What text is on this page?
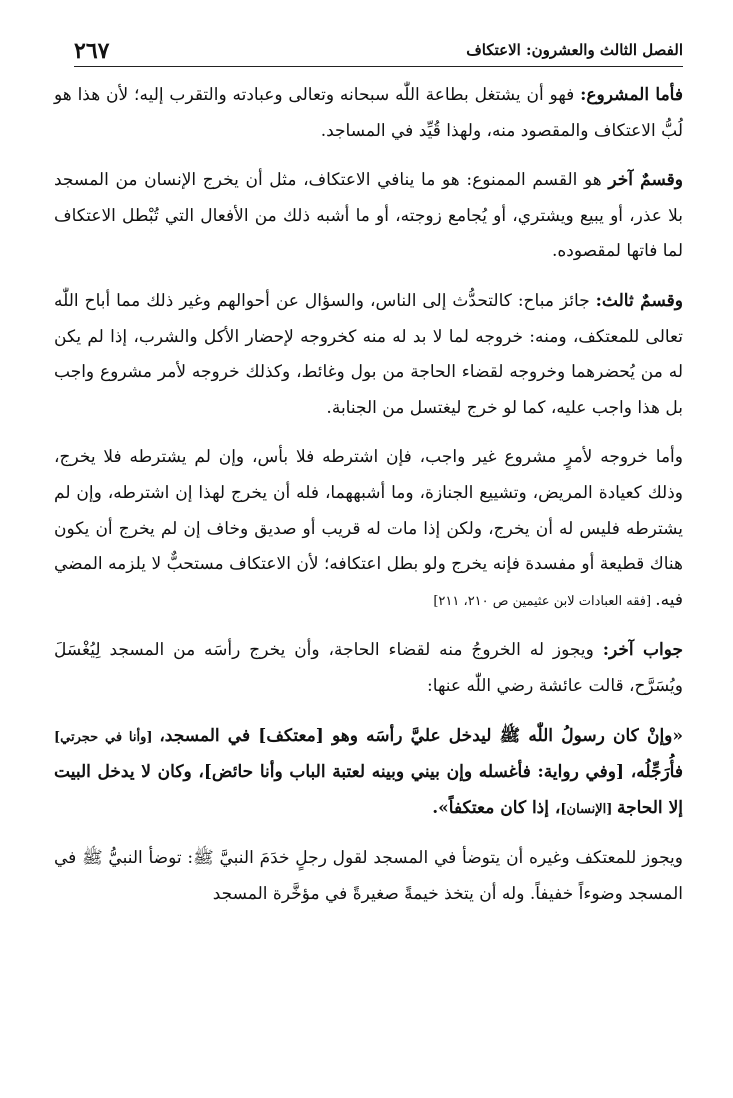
٢٦٧	الفصل الثالث والعشرون: الاعتكاف

فأما المشروع: فهو أن يشتغل بطاعة اللّٰه سبحانه وتعالى وعبادته والتقرب إليه؛ لأن هذا هو لُبُّ الاعتكاف والمقصود منه، ولهذا قُيِّد في المساجد.

وقسمٌ آخر هو القسم الممنوع: هو ما ينافي الاعتكاف، مثل أن يخرج الإنسان من المسجد بلا عذر، أو يبيع ويشتري، أو يُجامع زوجته، أو ما أشبه ذلك من الأفعال التي تُبْطل الاعتكاف لما فاتها لمقصوده.

وقسمٌ ثالث: جائز مباح: كالتحدُّث إلى الناس، والسؤال عن أحوالهم وغير ذلك مما أباح اللّٰه تعالى للمعتكف، ومنه: خروجه لما لا بد له منه كخروجه لإحضار الأكل والشرب، إذا لم يكن له من يُحضرهما وخروجه لقضاء الحاجة من بول وغائط، وكذلك خروجه لأمر مشروع واجب بل هذا واجب عليه، كما لو خرج ليغتسل من الجنابة.

وأما خروجه لأمرٍ مشروع غير واجب، فإن اشترطه فلا بأس، وإن لم يشترطه فلا يخرج، وذلك كعيادة المريض، وتشييع الجنازة، وما أشبههما، فله أن يخرج لهذا إن اشترطه، وإن لم يشترطه فليس له أن يخرج، ولكن إذا مات له قريب أو صديق وخاف إن لم يخرج أن يكون هناك قطيعة أو مفسدة فإنه يخرج ولو بطل اعتكافه؛ لأن الاعتكاف مستحبٌّ لا يلزمه المضي فيه. [فقه العبادات لابن عثيمين ص ٢١٠، ٢١١]

جواب آخر: ويجوز له الخروجُ منه لقضاء الحاجة، وأن يخرج رأسَه من المسجد لِيُغْسَلَ ويُسَرَّح، قالت عائشة رضي اللّٰه عنها:

«وإنْ كان رسولُ اللّٰه ﷺ ليدخل عليَّ رأسَه وهو [معتكف] في المسجد، [وأنا في حجرتي] فأُرَجِّلُه، [وفي رواية: فأغسله وإن بيني وبينه لعتبة الباب وأنا حائض]، وكان لا يدخل البيت إلا الحاجة [الإنسان]، إذا كان معتكفاً».

ويجوز للمعتكف وغيره أن يتوضأ في المسجد لقول رجلٍ خدَمَ النبيَّ ﷺ: توضأ النبيُّ ﷺ في المسجد وضوءاً خفيفاً. وله أن يتخذ خيمةً صغيرةً في مؤخَّرة المسجد
